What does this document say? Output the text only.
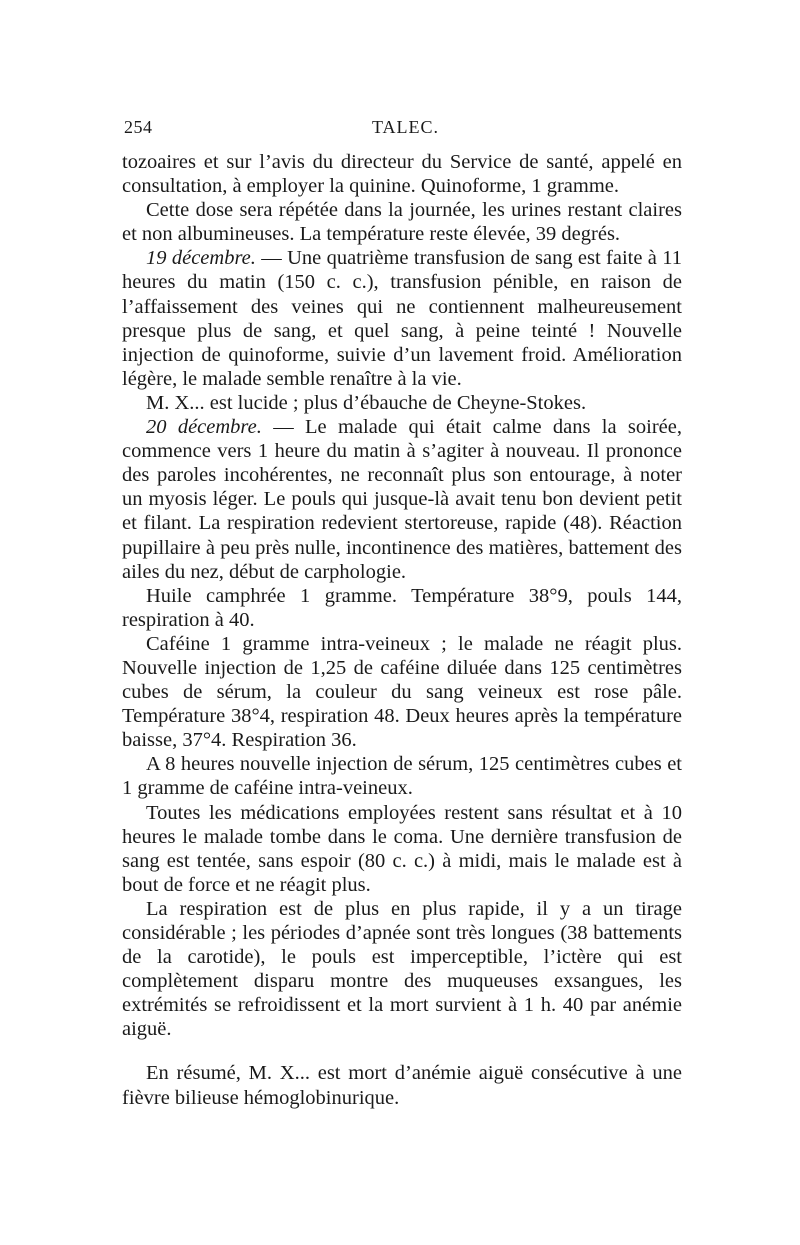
254	TALEC.

tozoaires et sur l’avis du directeur du Service de santé, appelé en consultation, à employer la quinine. Quinoforme, 1 gramme.

Cette dose sera répétée dans la journée, les urines restant claires et non albumineuses. La température reste élevée, 39 degrés.

19 décembre. — Une quatrième transfusion de sang est faite à 11 heures du matin (150 c. c.), transfusion pénible, en raison de l’affaissement des veines qui ne contiennent malheureusement presque plus de sang, et quel sang, à peine teinté ! Nouvelle injection de quinoforme, suivie d’un lavement froid. Amélioration légère, le malade semble renaître à la vie.

M. X... est lucide ; plus d’ébauche de Cheyne-Stokes.

20 décembre. — Le malade qui était calme dans la soirée, commence vers 1 heure du matin à s’agiter à nouveau. Il prononce des paroles incohérentes, ne reconnaît plus son entourage, à noter un myosis léger. Le pouls qui jusque-là avait tenu bon devient petit et filant. La respiration redevient stertoreuse, rapide (48). Réaction pupillaire à peu près nulle, incontinence des matières, battement des ailes du nez, début de carphologie.

Huile camphrée 1 gramme. Température 38°9, pouls 144, respiration à 40.

Caféine 1 gramme intra-veineux ; le malade ne réagit plus. Nouvelle injection de 1,25 de caféine diluée dans 125 centimètres cubes de sérum, la couleur du sang veineux est rose pâle. Température 38°4, respiration 48. Deux heures après la température baisse, 37°4. Respiration 36.

A 8 heures nouvelle injection de sérum, 125 centimètres cubes et 1 gramme de caféine intra-veineux.

Toutes les médications employées restent sans résultat et à 10 heures le malade tombe dans le coma. Une dernière transfusion de sang est tentée, sans espoir (80 c. c.) à midi, mais le malade est à bout de force et ne réagit plus.

La respiration est de plus en plus rapide, il y a un tirage considérable ; les périodes d’apnée sont très longues (38 battements de la carotide), le pouls est imperceptible, l’ictère qui est complètement disparu montre des muqueuses exsangues, les extrémités se refroidissent et la mort survient à 1 h. 40 par anémie aiguë.

En résumé, M. X... est mort d’anémie aiguë consécutive à une fièvre bilieuse hémoglobinurique.
